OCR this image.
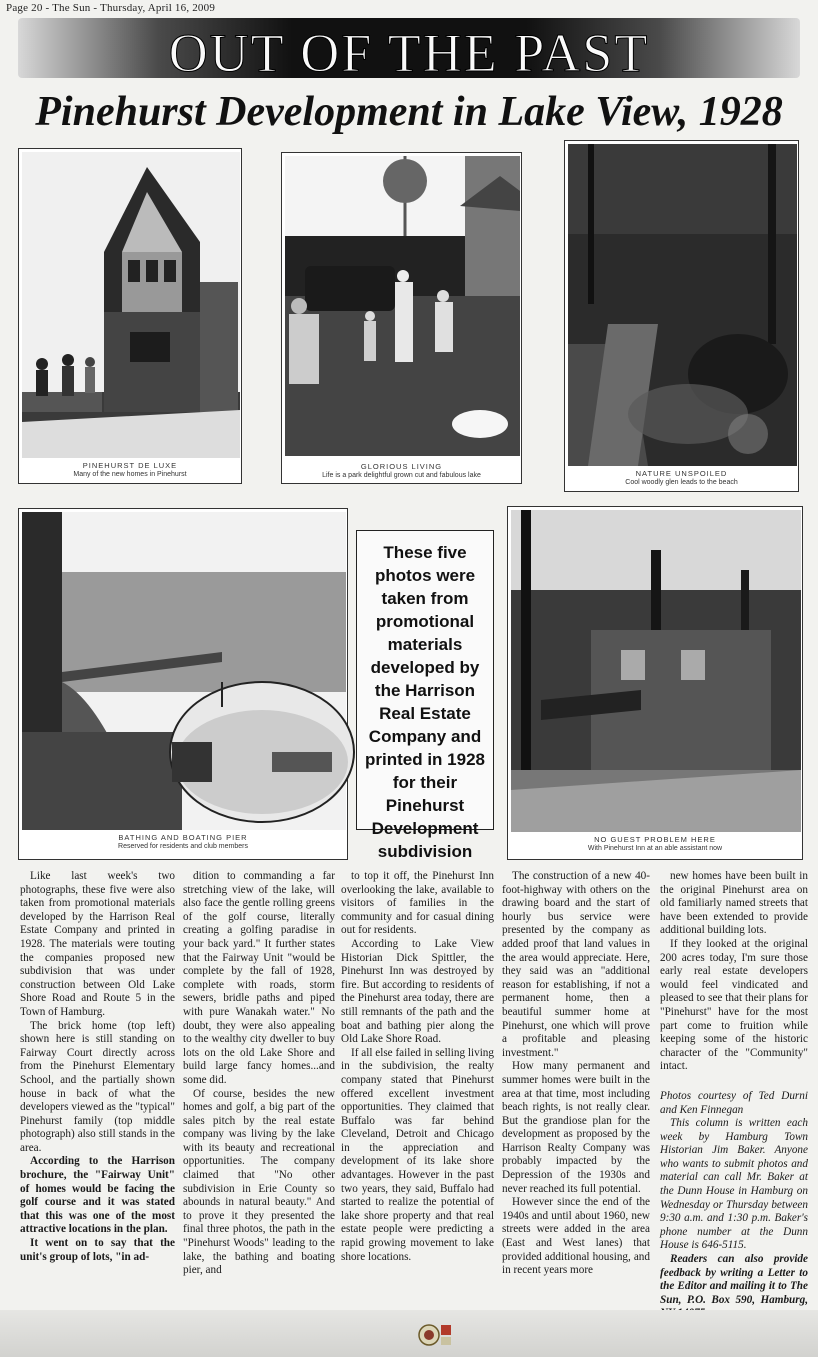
Page 20 - The Sun - Thursday, April 16, 2009
OUT OF THE PAST
Pinehurst Development in Lake View, 1928
PINEHURST DE LUXE
Many of the new homes in Pinehurst
GLORIOUS LIVING
Life is a park delightful grown cut and fabulous lake	NATURE UNSPOILED
Cool woodly glen leads to the beach
BATHING AND BOATING PIER
Reserved for residents and club members
These five photos were taken from promotional materials developed by the Harrison Real Estate Company and printed in 1928 for their Pinehurst Development subdivision
NO GUEST PROBLEM HERE
With Pinehurst Inn at an able assistant now

Like last week's two photographs, these five were also taken from promotional materials developed by the Harrison Real Estate Company and printed in 1928. The materials were touting the companies proposed new subdivision that was under construction between Old Lake Shore Road and Route 5 in the Town of Hamburg.

The brick home (top left) shown here is still standing on Fairway Court directly across from the Pinehurst Elementary School, and the partially shown house in back of what the developers viewed as the "typical" Pinehurst family (top middle photograph) also still stands in the area.

According to the Harrison brochure, the "Fairway Unit" of homes would be facing the golf course and it was stated that this was one of the most attractive locations in the plan.

It went on to say that the unit's group of lots, "in ad-

dition to commanding a far stretching view of the lake, will also face the gentle rolling greens of the golf course, literally creating a golfing paradise in your back yard." It further states that the Fairway Unit "would be complete by the fall of 1928, complete with roads, storm sewers, bridle paths and piped with pure Wanakah water." No doubt, they were also appealing to the wealthy city dweller to buy lots on the old Lake Shore and build large fancy homes...and some did.

Of course, besides the new homes and golf, a big part of the sales pitch by the real estate company was living by the lake with its beauty and recreational opportunities. The company claimed that "No other subdivision in Erie County so abounds in natural beauty." And to prove it they presented the final three photos, the path in the "Pinehurst Woods" leading to the lake, the bathing and boating pier, and

to top it off, the Pinehurst Inn overlooking the lake, available to visitors of families in the community and for casual dining out for residents.

According to Lake View Historian Dick Spittler, the Pinehurst Inn was destroyed by fire. But according to residents of the Pinehurst area today, there are still remnants of the path and the boat and bathing pier along the Old Lake Shore Road.

If all else failed in selling living in the subdivision, the realty company stated that Pinehurst offered excellent investment opportunities. They claimed that Buffalo was far behind Cleveland, Detroit and Chicago in the appreciation and development of its lake shore advantages. However in the past two years, they said, Buffalo had started to realize the potential of lake shore property and that real estate people were predicting a rapid growing movement to lake shore locations.

The construction of a new 40-foot-highway with others on the drawing board and the start of hourly bus service were presented by the company as added proof that land values in the area would appreciate. Here, they said was an "additional reason for establishing, if not a permanent home, then a beautiful summer home at Pinehurst, one which will prove a profitable and pleasing investment."

How many permanent and summer homes were built in the area at that time, most including beach rights, is not really clear. But the grandiose plan for the development as proposed by the Harrison Realty Company was probably impacted by the Depression of the 1930s and never reached its full potential.

However since the end of the 1940s and until about 1960, new streets were added in the area (East and West lanes) that provided additional housing, and in recent years more

new homes have been built in the original Pinehurst area on old familiarly named streets that have been extended to provide additional building lots.

If they looked at the original 200 acres today, I'm sure those early real estate developers would feel vindicated and pleased to see that their plans for "Pinehurst" have for the most part come to fruition while keeping some of the historic character of the "Community" intact.

Photos courtesy of Ted Durni and Ken Finnegan

This column is written each week by Hamburg Town Historian Jim Baker. Anyone who wants to submit photos and material can call Mr. Baker at the Dunn House in Hamburg on Wednesday or Thursday between 9:30 a.m. and 1:30 p.m. Baker's phone number at the Dunn House is 646-5115.

Readers can also provide feedback by writing a Letter to the Editor and mailing it to The Sun, P.O. Box 590, Hamburg,
